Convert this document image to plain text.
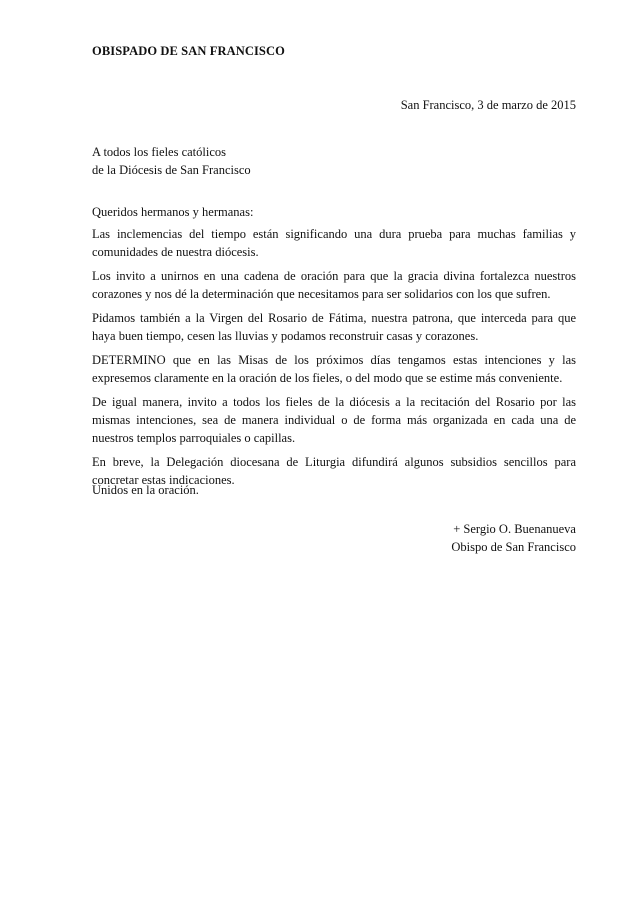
OBISPADO DE SAN FRANCISCO
San Francisco, 3 de marzo de 2015
A todos los fieles católicos
de la Diócesis de San Francisco
Queridos hermanos y hermanas:

Las inclemencias del tiempo están significando una dura prueba para muchas familias y comunidades de nuestra diócesis.

Los invito a unirnos en una cadena de oración para que la gracia divina fortalezca nuestros corazones y nos dé la determinación que necesitamos para ser solidarios con los que sufren.

Pidamos también a la Virgen del Rosario de Fátima, nuestra patrona, que interceda para que haya buen tiempo, cesen las lluvias y podamos reconstruir casas y corazones.

DETERMINO que en las Misas de los próximos días tengamos estas intenciones y las expresemos claramente en la oración de los fieles, o del modo que se estime más conveniente.

De igual manera, invito a todos los fieles de la diócesis a la recitación del Rosario por las mismas intenciones, sea de manera individual o de forma más organizada en cada una de nuestros templos parroquiales o capillas.

En breve, la Delegación diocesana de Liturgia difundirá algunos subsidios sencillos para concretar estas indicaciones.

Unidos en la oración.
+ Sergio O. Buenanueva
Obispo de San Francisco
